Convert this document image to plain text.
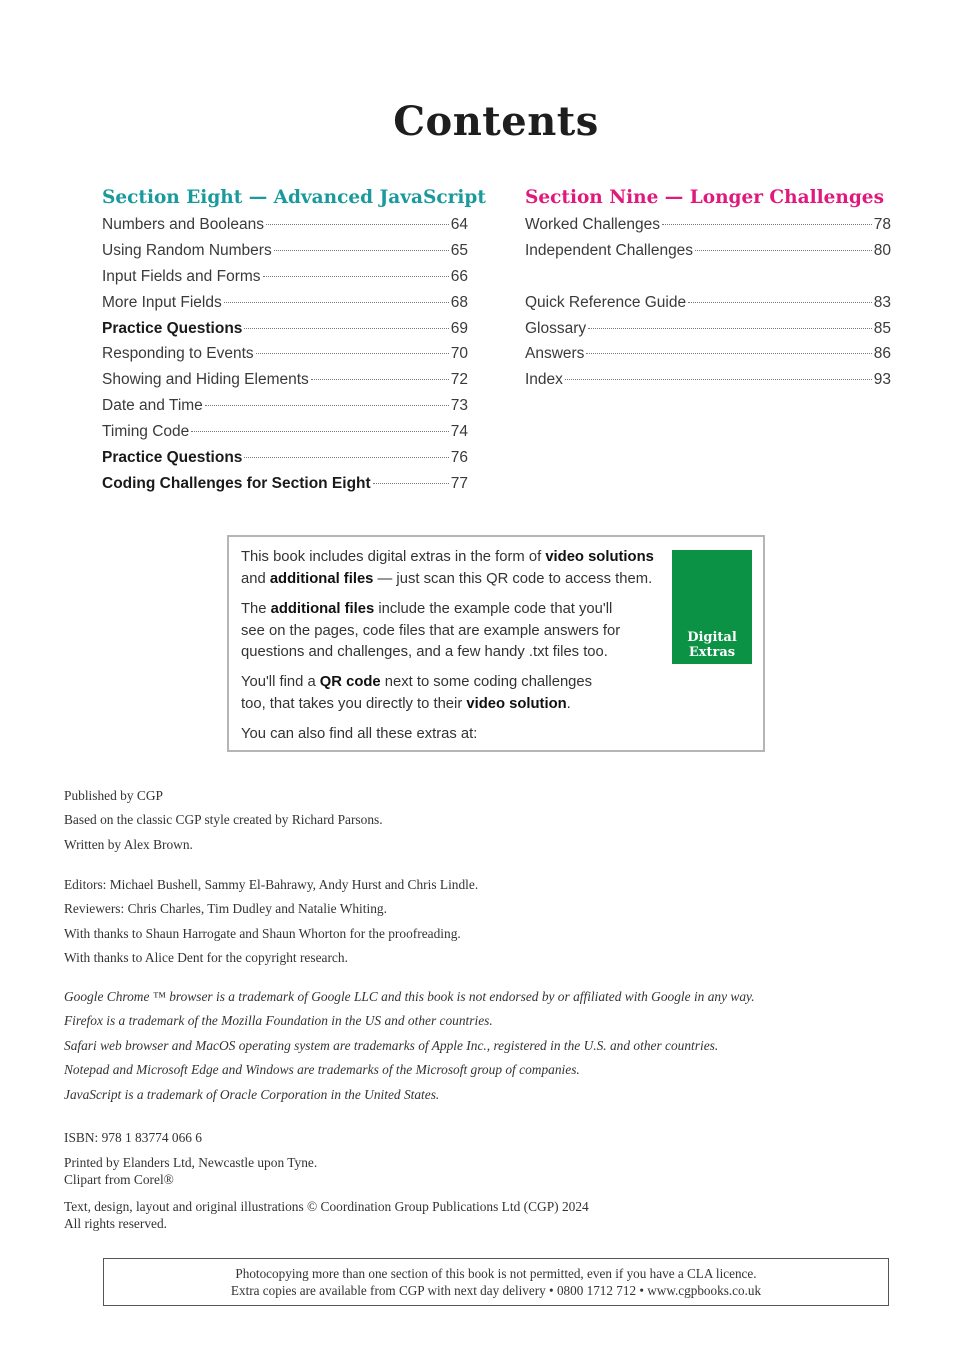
Contents
Section Eight — Advanced JavaScript
Numbers and Booleans	64
Using Random Numbers	65
Input Fields and Forms	66
More Input Fields	68
Practice Questions	69
Responding to Events	70
Showing and Hiding Elements	72
Date and Time	73
Timing Code	74
Practice Questions	76
Coding Challenges for Section Eight	77
Section Nine — Longer Challenges
Worked Challenges	78
Independent Challenges	80
Quick Reference Guide	83
Glossary	85
Answers	86
Index	93

This book includes digital extras in the form of video solutions
and additional files — just scan this QR code to access them.

The additional files include the example code that you'll
see on the pages, code files that are example answers for
questions and challenges, and a few handy .txt files too.

You'll find a QR code next to some coding challenges
too, that takes you directly to their video solution.

You can also find all these extras at:

Digital
Extras
Published by CGP
Based on the classic CGP style created by Richard Parsons.
Written by Alex Brown.
Editors: Michael Bushell, Sammy El-Bahrawy, Andy Hurst and Chris Lindle.
Reviewers: Chris Charles, Tim Dudley and Natalie Whiting.
With thanks to Shaun Harrogate and Shaun Whorton for the proofreading.
With thanks to Alice Dent for the copyright research.
Google Chrome ™ browser is a trademark of Google LLC and this book is not endorsed by or affiliated with Google in any way.
Firefox is a trademark of the Mozilla Foundation in the US and other countries.
Safari web browser and MacOS operating system are trademarks of Apple Inc., registered in the U.S. and other countries.
Notepad and Microsoft Edge and Windows are trademarks of the Microsoft group of companies.
JavaScript is a trademark of Oracle Corporation in the United States.
ISBN: 978 1 83774 066 6
Printed by Elanders Ltd, Newcastle upon Tyne.
Clipart from Corel®
Text, design, layout and original illustrations © Coordination Group Publications Ltd (CGP) 2024
All rights reserved.
Photocopying more than one section of this book is not permitted, even if you have a CLA licence.
Extra copies are available from CGP with next day delivery • 0800 1712 712 • www.cgpbooks.co.uk
